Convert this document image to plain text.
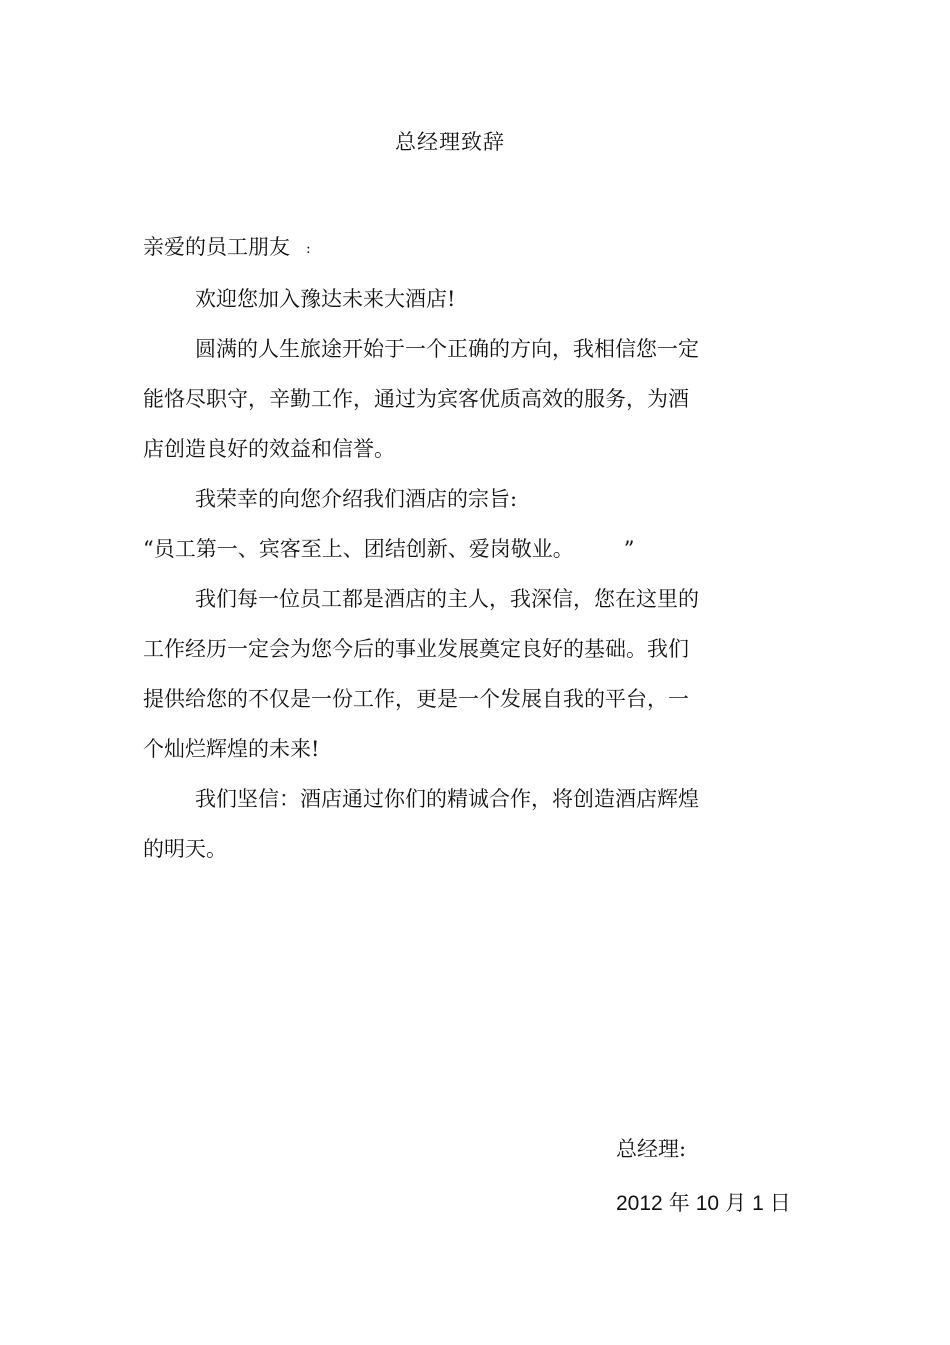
总经理致辞
亲爱的员工朋友 :
欢迎您加入豫达未来大酒店!
圆满的人生旅途开始于一个正确的方向，我相信您一定
能恪尽职守，辛勤工作，通过为宾客优质高效的服务，为酒
店创造良好的效益和信誉。
我荣幸的向您介绍我们酒店的宗旨:
“员工第一、宾客至上、团结创新、爱岗敬业。 ”
我们每一位员工都是酒店的主人，我深信，您在这里的
工作经历一定会为您今后的事业发展奠定良好的基础。我们
提供给您的不仅是一份工作，更是一个发展自我的平台，一
个灿烂辉煌的未来!
我们坚信：酒店通过你们的精诚合作，将创造酒店辉煌
的明天。
总经理:
2012 年 10 月 1 日
